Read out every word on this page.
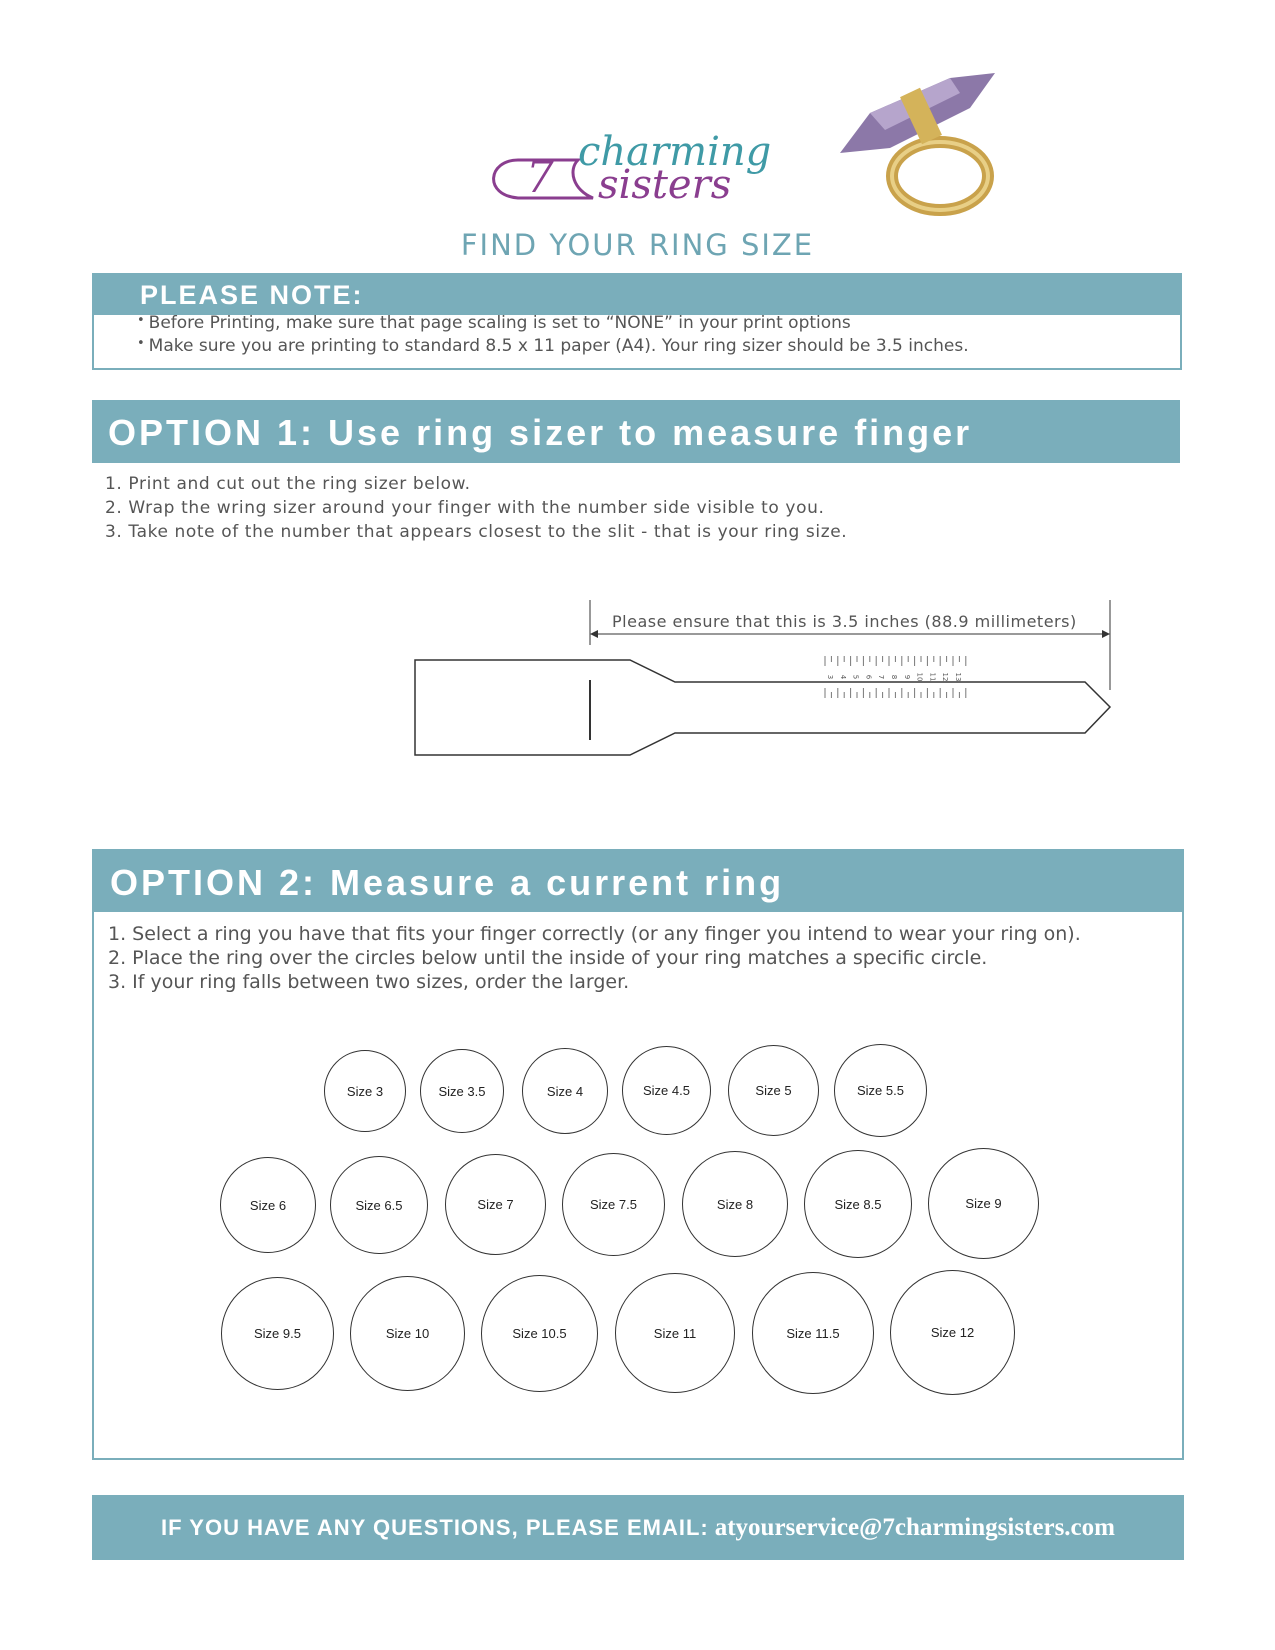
7 charming
sisters
FIND YOUR RING SIZE
PLEASE NOTE:
• Before Printing, make sure that page scaling is set to “NONE” in your print options
• Make sure you are printing to standard 8.5 x 11 paper (A4). Your ring sizer should be 3.5 inches.
OPTION 1: Use ring sizer to measure finger
1. Print and cut out the ring sizer below.
2. Wrap the wring sizer around your finger with the number side visible to you.
3. Take note of the number that appears closest to the slit - that is your ring size.
3 4 5 6 7 8 9 10 11 12 13
Please ensure that this is 3.5 inches (88.9 millimeters)
OPTION 2: Measure a current ring
1. Select a ring you have that fits your finger correctly (or any finger you intend to wear your ring on).
2. Place the ring over the circles below until the inside of your ring matches a specific circle.
3. If your ring falls between two sizes, order the larger.
Size 3	Size 3.5	Size 4	Size 4.5	Size 5	Size 5.5
Size 6	Size 6.5	Size 7	Size 7.5	Size 8	Size 8.5	Size 9
Size 9.5	Size 10	Size 10.5	Size 11	Size 11.5	Size 12
IF YOU HAVE ANY QUESTIONS, PLEASE EMAIL: atyourservice@7charmingsisters.com
